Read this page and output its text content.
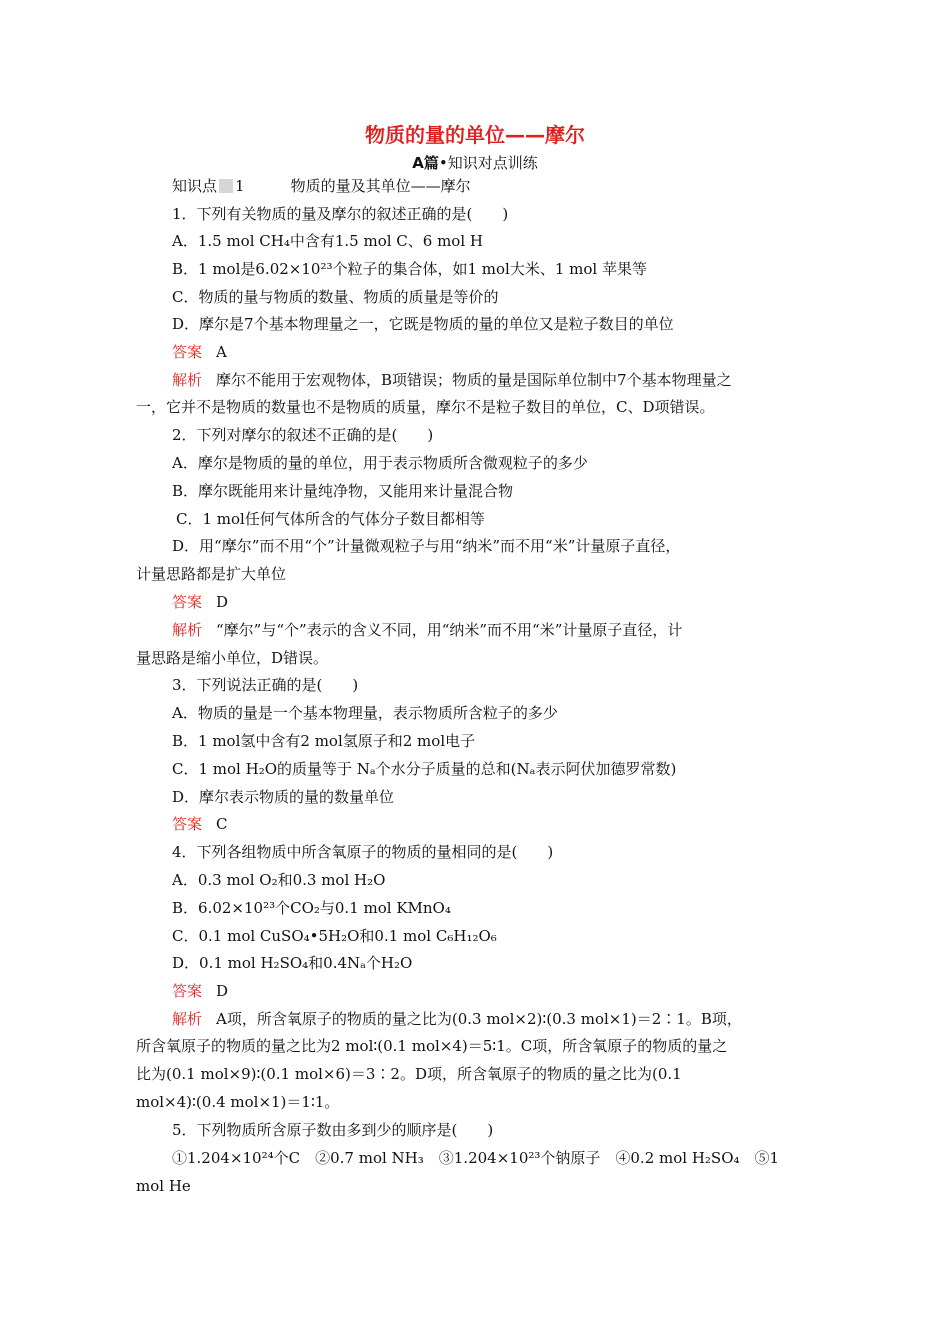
物质的量的单位——摩尔
A篇•知识对点训练
知识点 1	物质的量及其单位——摩尔
1．下列有关物质的量及摩尔的叙述正确的是(　　)
A．1.5 mol CH₄中含有1.5 mol C、6 mol H
B．1 mol是6.02×10²³个粒子的集合体，如1 mol大米、1 mol 苹果等
C．物质的量与物质的数量、物质的质量是等价的
D．摩尔是7个基本物理量之一，它既是物质的量的单位又是粒子数目的单位
答案 A
解析 摩尔不能用于宏观物体，B项错误；物质的量是国际单位制中7个基本物理量之
一，它并不是物质的数量也不是物质的质量，摩尔不是粒子数目的单位，C、D项错误。
2．下列对摩尔的叙述不正确的是(　　)
A．摩尔是物质的量的单位，用于表示物质所含微观粒子的多少
B．摩尔既能用来计量纯净物，又能用来计量混合物
C．1 mol任何气体所含的气体分子数目都相等
D．用“摩尔”而不用“个”计量微观粒子与用“纳米”而不用“米”计量原子直径，
计量思路都是扩大单位
答案 D
解析 “摩尔”与“个”表示的含义不同，用“纳米”而不用“米”计量原子直径，计
量思路是缩小单位，D错误。
3．下列说法正确的是(　　)
A．物质的量是一个基本物理量，表示物质所含粒子的多少
B．1 mol氢中含有2 mol氢原子和2 mol电子
C．1 mol H₂O的质量等于 Nₐ个水分子质量的总和(Nₐ表示阿伏加德罗常数)
D．摩尔表示物质的量的数量单位
答案 C
4．下列各组物质中所含氧原子的物质的量相同的是(　　)
A．0.3 mol O₂和0.3 mol H₂O
B．6.02×10²³个CO₂与0.1 mol KMnO₄
C．0.1 mol CuSO₄•5H₂O和0.1 mol C₆H₁₂O₆
D．0.1 mol H₂SO₄和0.4Nₐ个H₂O
答案 D
解析 A项，所含氧原子的物质的量之比为(0.3 mol×2)∶(0.3 mol×1)＝2∶1。B项，
所含氧原子的物质的量之比为2 mol∶(0.1 mol×4)＝5∶1。C项，所含氧原子的物质的量之
比为(0.1 mol×9)∶(0.1 mol×6)＝3∶2。D项，所含氧原子的物质的量之比为(0.1
mol×4)∶(0.4 mol×1)＝1∶1。
5．下列物质所含原子数由多到少的顺序是(　　)
①1.204×10²⁴个C　②0.7 mol NH₃　③1.204×10²³个钠原子　④0.2 mol H₂SO₄　⑤1
mol He
